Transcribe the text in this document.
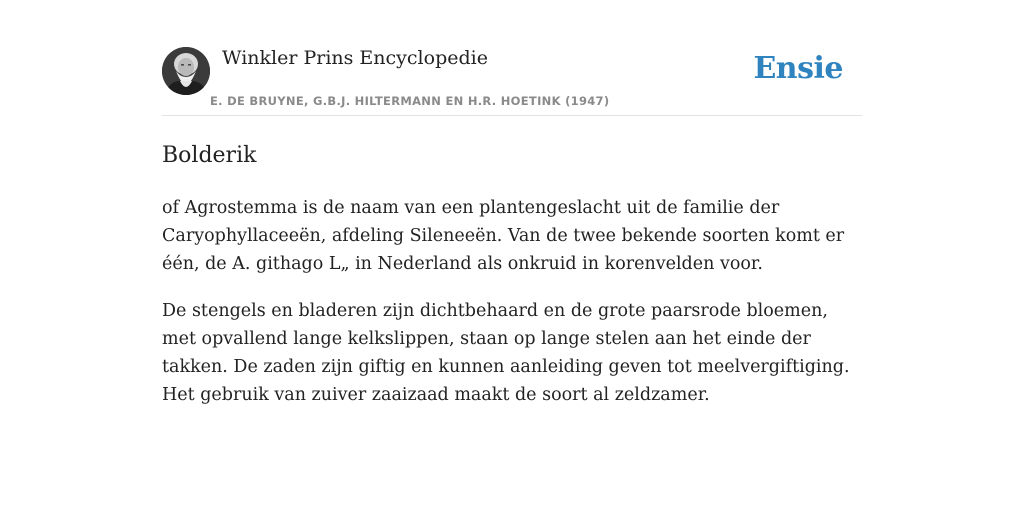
Winkler Prins Encyclopedie
E. DE BRUYNE, G.B.J. HILTERMANN EN H.R. HOETINK (1947)
Ensie
Bolderik

of Agrostemma is de naam van een plantengeslacht uit de familie der Caryophyllaceeën, afdeling Sileneeën. Van de twee bekende soorten komt er één, de A. githago L„ in Nederland als onkruid in korenvelden voor.

De stengels en bladeren zijn dichtbehaard en de grote paarsrode bloemen, met opvallend lange kelkslippen, staan op lange stelen aan het einde der takken. De zaden zijn giftig en kunnen aanleiding geven tot meelvergiftiging. Het gebruik van zuiver zaaizaad maakt de soort al zeldzamer.
